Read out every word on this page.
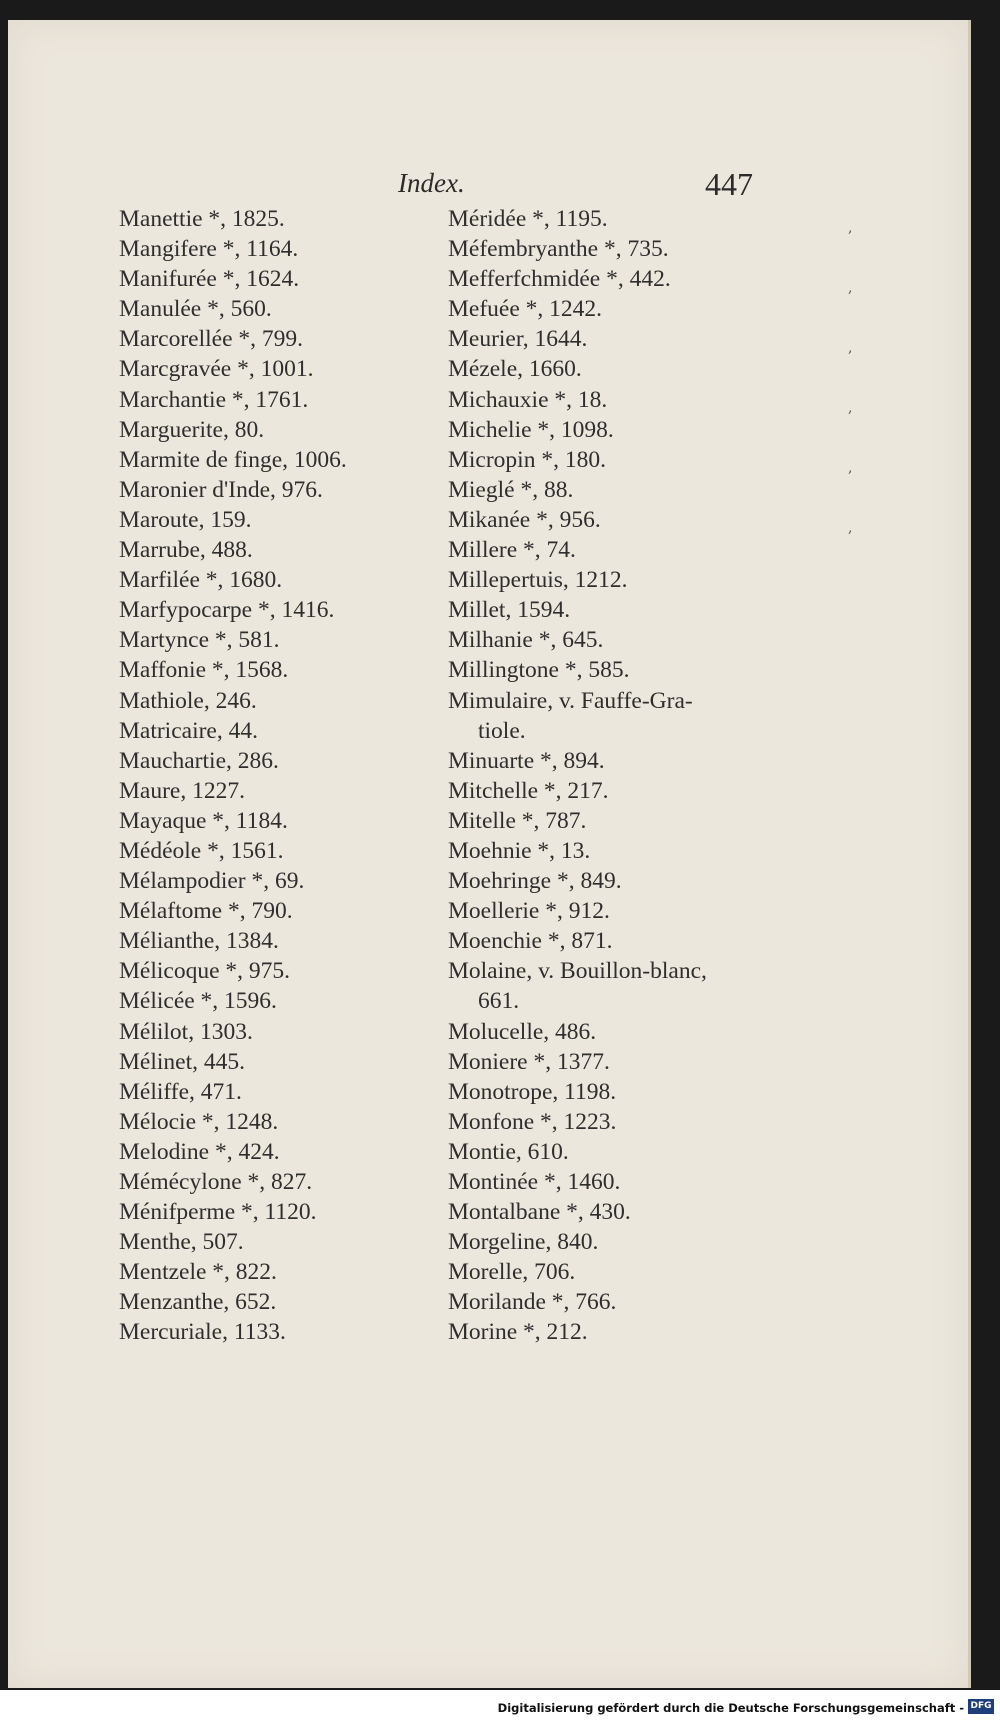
Index.	447
Manettie *, 1825.
Mangifere *, 1164.
Manifurée *, 1624.
Manulée *, 560.
Marcorellée *, 799.
Marcgravée *, 1001.
Marchantie *, 1761.
Marguerite, 80.
Marmite de finge, 1006.
Maronier d'Inde, 976.
Maroute, 159.
Marrube, 488.
Marfilée *, 1680.
Marfypocarpe *, 1416.
Martynce *, 581.
Maffonie *, 1568.
Mathiole, 246.
Matricaire, 44.
Mauchartie, 286.
Maure, 1227.
Mayaque *, 1184.
Médéole *, 1561.
Mélampodier *, 69.
Mélaftome *, 790.
Mélianthe, 1384.
Mélicoque *, 975.
Mélicée *, 1596.
Mélilot, 1303.
Mélinet, 445.
Méliffe, 471.
Mélocie *, 1248.
Melodine *, 424.
Mémécylone *, 827.
Ménifperme *, 1120.
Menthe, 507.
Mentzele *, 822.
Menzanthe, 652.
Mercuriale, 1133.
Méridée *, 1195.
Méfembryanthe *, 735.
Mefferfchmidée *, 442.
Mefuée *, 1242.
Meurier, 1644.
Mézele, 1660.
Michauxie *, 18.
Michelie *, 1098.
Micropin *, 180.
Mieglé *, 88.
Mikanée *, 956.
Millere *, 74.
Millepertuis, 1212.
Millet, 1594.
Milhanie *, 645.
Millingtone *, 585.
Mimulaire, v. Fauffe-Gra-
tiole.
Minuarte *, 894.
Mitchelle *, 217.
Mitelle *, 787.
Moehnie *, 13.
Moehringe *, 849.
Moellerie *, 912.
Moenchie *, 871.
Molaine, v. Bouillon-blanc,
661.
Molucelle, 486.
Moniere *, 1377.
Monotrope, 1198.
Monfone *, 1223.
Montie, 610.
Montinée *, 1460.
Montalbane *, 430.
Morgeline, 840.
Morelle, 706.
Morilande *, 766.
Morine *, 212.
,
,
,
,
,
,
Digitalisierung gefördert durch die Deutsche Forschungsgemeinschaft - DFG
